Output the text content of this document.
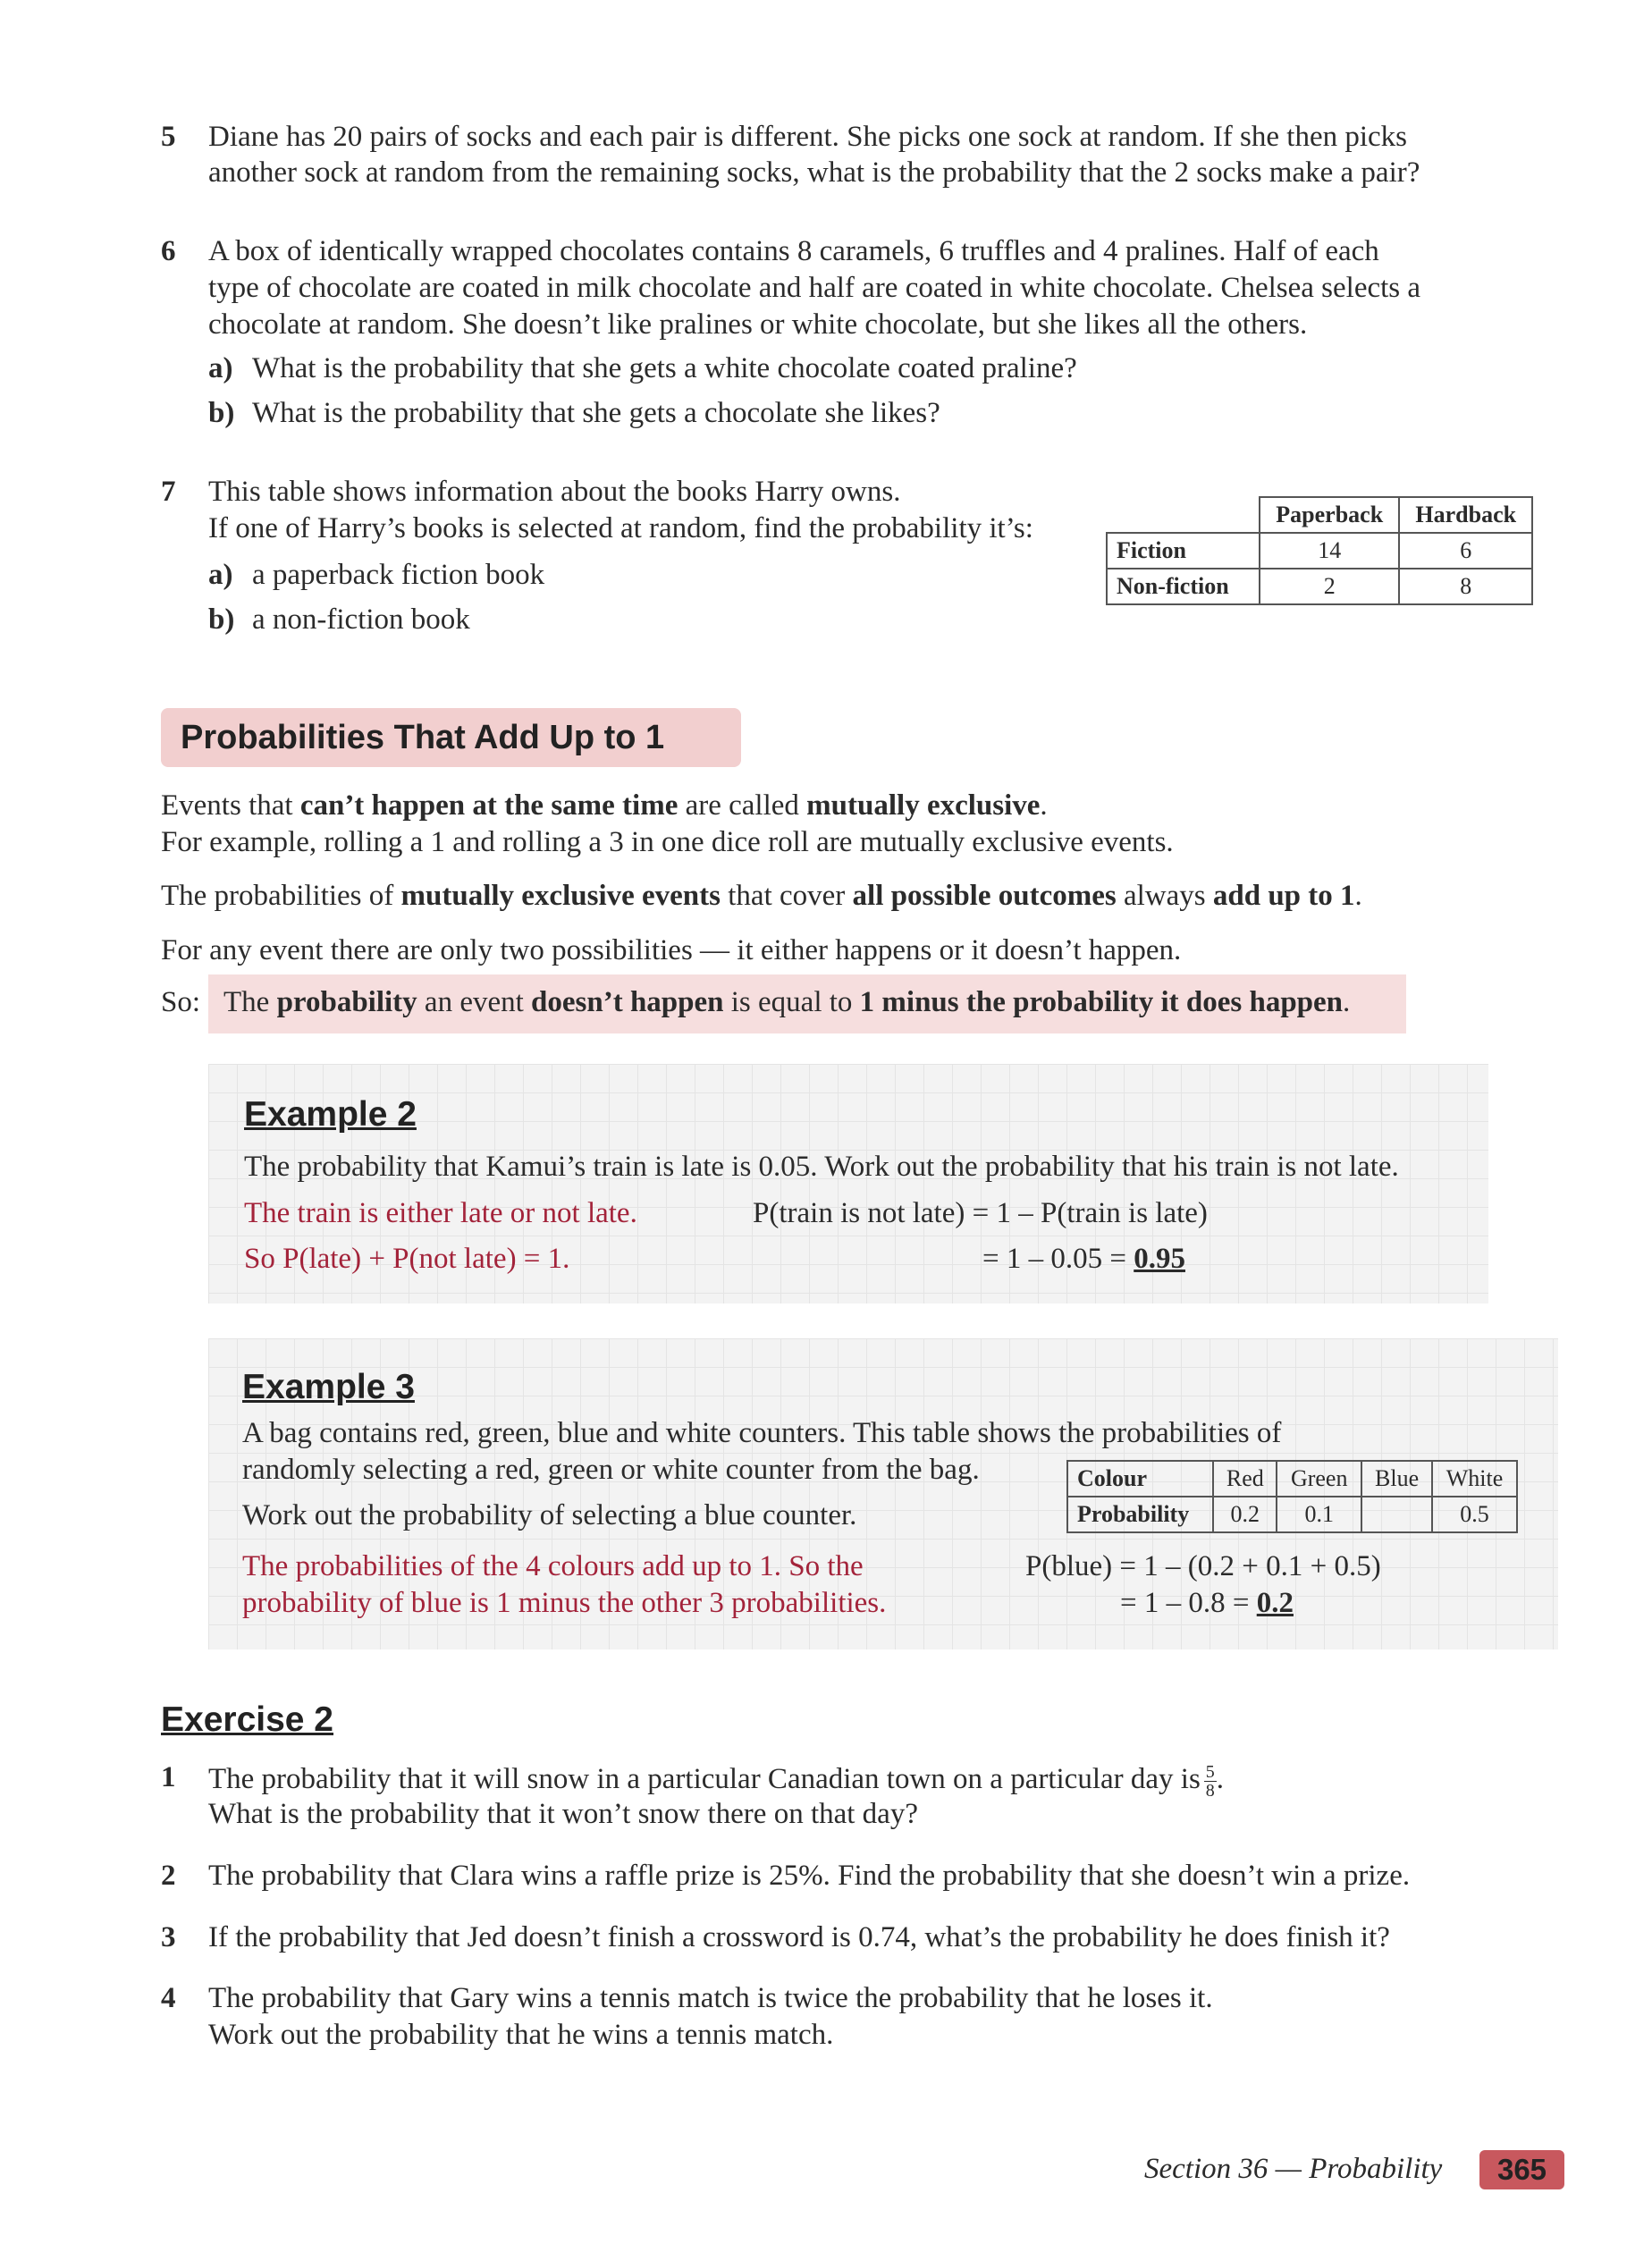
5 Diane has 20 pairs of socks and each pair is different. She picks one sock at random. If she then picks
another sock at random from the remaining socks, what is the probability that the 2 socks make a pair?
6 A box of identically wrapped chocolates contains 8 caramels, 6 truffles and 4 pralines. Half of each
type of chocolate are coated in milk chocolate and half are coated in white chocolate. Chelsea selects a
chocolate at random. She doesn’t like pralines or white chocolate, but she likes all the others.
a) What is the probability that she gets a white chocolate coated praline?
b) What is the probability that she gets a chocolate she likes?
7 This table shows information about the books Harry owns.
If one of Harry’s books is selected at random, find the probability it’s:
a) a paperback fiction book
b) a non-fiction book
	Paperback	Hardback
Fiction	14	6
Non-fiction	2	8
Probabilities That Add Up to 1
Events that can’t happen at the same time are called mutually exclusive.
For example, rolling a 1 and rolling a 3 in one dice roll are mutually exclusive events.
The probabilities of mutually exclusive events that cover all possible outcomes always add up to 1.
For any event there are only two possibilities — it either happens or it doesn’t happen.
So: The probability an event doesn’t happen is equal to 1 minus the probability it does happen.
Example 2
The probability that Kamui’s train is late is 0.05. Work out the probability that his train is not late.
The train is either late or not late.
So P(late) + P(not late) = 1.
P(train is not late) = 1 – P(train is late)
= 1 – 0.05 = 0.95
Example 3
A bag contains red, green, blue and white counters. This table shows the probabilities of
randomly selecting a red, green or white counter from the bag.
Work out the probability of selecting a blue counter.
Colour	Red	Green	Blue	White
Probability	0.2	0.1		0.5
The probabilities of the 4 colours add up to 1. So the
probability of blue is 1 minus the other 3 probabilities.
P(blue) = 1 – (0.2 + 0.1 + 0.5)
= 1 – 0.8 = 0.2
Exercise 2
1 The probability that it will snow in a particular Canadian town on a particular day is $\frac{5}{8}$ .
What is the probability that it won’t snow there on that day?
2 The probability that Clara wins a raffle prize is 25%. Find the probability that she doesn’t win a prize.
3 If the probability that Jed doesn’t finish a crossword is 0.74, what’s the probability he does finish it?
4 The probability that Gary wins a tennis match is twice the probability that he loses it.
Work out the probability that he wins a tennis match.
Section 36 — Probability	365
